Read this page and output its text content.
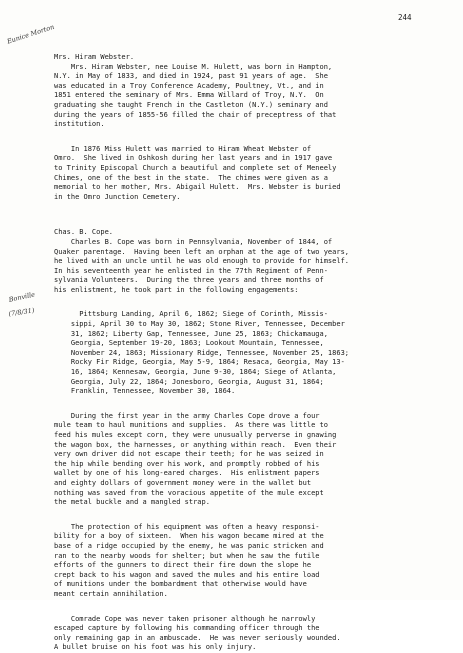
244
Eunice Morton
Bonville
(7/8/31)

Mrs. Hiram Webster.

Mrs. Hiram Webster, nee Louise M. Hulett, was born in Hampton,
N.Y. in May of 1833, and died in 1924, past 91 years of age.  She
was educated in a Troy Conference Academy, Poultney, Vt., and in
1851 entered the seminary of Mrs. Emma Willard of Troy, N.Y.  On
graduating she taught French in the Castleton (N.Y.) seminary and
during the years of 1855-56 filled the chair of preceptress of that
institution.

In 1876 Miss Hulett was married to Hiram Wheat Webster of
Omro.  She lived in Oshkosh during her last years and in 1917 gave
to Trinity Episcopal Church a beautiful and complete set of Meneely
Chimes, one of the best in the state.  The chimes were given as a
memorial to her mother, Mrs. Abigail Hulett.  Mrs. Webster is buried
in the Omro Junction Cemetery.

Chas. B. Cope.

Charles B. Cope was born in Pennsylvania, November of 1844, of
Quaker parentage.  Having been left an orphan at the age of two years,
he lived with an uncle until he was old enough to provide for himself.
In his seventeenth year he enlisted in the 77th Regiment of Penn-
sylvania Volunteers.  During the three years and three months of
his enlistment, he took part in the following engagements:

Pittsburg Landing, April 6, 1862; Siege of Corinth, Missis-
sippi, April 30 to May 30, 1862; Stone River, Tennessee, December
31, 1862; Liberty Gap, Tennessee, June 25, 1863; Chickamauga,
Georgia, September 19-20, 1863; Lookout Mountain, Tennessee,
November 24, 1863; Missionary Ridge, Tennessee, November 25, 1863;
Rocky Fir Ridge, Georgia, May 5-9, 1864; Resaca, Georgia, May 13-
16, 1864; Kennesaw, Georgia, June 9-30, 1864; Siege of Atlanta,
Georgia, July 22, 1864; Jonesboro, Georgia, August 31, 1864;
Franklin, Tennessee, November 30, 1864.

During the first year in the army Charles Cope drove a four
mule team to haul munitions and supplies.  As there was little to
feed his mules except corn, they were unusually perverse in gnawing
the wagon box, the harnesses, or anything within reach.  Even their
very own driver did not escape their teeth; for he was seized in
the hip while bending over his work, and promptly robbed of his
wallet by one of his long-eared charges.  His enlistment papers
and eighty dollars of government money were in the wallet but
nothing was saved from the voracious appetite of the mule except
the metal buckle and a mangled strap.

The protection of his equipment was often a heavy responsi-
bility for a boy of sixteen.  When his wagon became mired at the
base of a ridge occupied by the enemy, he was panic stricken and
ran to the nearby woods for shelter; but when he saw the futile
efforts of the gunners to direct their fire down the slope he
crept back to his wagon and saved the mules and his entire load
of munitions under the bombardment that otherwise would have
meant certain annihilation.

Comrade Cope was never taken prisoner although he narrowly
escaped capture by following his commanding officer through the
only remaining gap in an ambuscade.  He was never seriously wounded.
A bullet bruise on his foot was his only injury.
